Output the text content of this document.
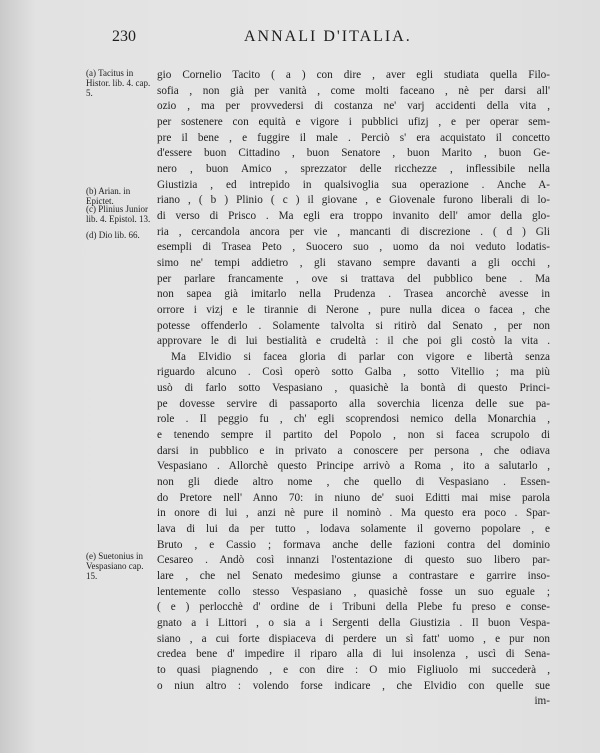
230	ANNALI D'ITALIA.
(a) Tacitus in Histor. lib. 4. cap. 5.
(b) Arian. in Epictet.
(c) Plinius Junior lib. 4. Epistol. 13.
(d) Dio lib. 66.
(e) Suetonius in Vespasiano cap. 15.
gio Cornelio Tacito ( a ) con dire , aver egli studiata quella Filo-
sofia , non già per vanità , come molti faceano , nè per darsi all'
ozio , ma per provvedersi di costanza ne' varj accidenti della vita ,
per sostenere con equità e vigore i pubblici ufizj , e per operar sem-
pre il bene , e fuggire il male . Perciò s' era acquistato il concetto
d'essere buon Cittadino , buon Senatore , buon Marito , buon Ge-
nero , buon Amico , sprezzator delle ricchezze , inflessibile nella
Giustizia , ed intrepido in qualsivoglia sua operazione . Anche A-
riano , ( b ) Plinio ( c ) il giovane , e Giovenale furono liberali di lo-
di verso di Prisco . Ma egli era troppo invanito dell' amor della glo-
ria , cercandola ancora per vie , mancanti di discrezione . ( d ) Gli
esempli di Trasea Peto , Suocero suo , uomo da noi veduto lodatis-
simo ne' tempi addietro , gli stavano sempre davanti a gli occhi ,
per parlare francamente , ove si trattava del pubblico bene . Ma
non sapea già imitarlo nella Prudenza . Trasea ancorchè avesse in
orrore i vizj e le tirannie di Nerone , pure nulla dicea o facea , che
potesse offenderlo . Solamente talvolta si ritirò dal Senato , per non
approvare le di lui bestialità e crudeltà : il che poi gli costò la vita .
Ma Elvidio si facea gloria di parlar con vigore e libertà senza
riguardo alcuno . Così operò sotto Galba , sotto Vitellio ; ma più
usò di farlo sotto Vespasiano , quasichè la bontà di questo Princi-
pe dovesse servire di passaporto alla soverchia licenza delle sue pa-
role . Il peggio fu , ch' egli scoprendosi nemico della Monarchia ,
e tenendo sempre il partito del Popolo , non si facea scrupolo di
darsi in pubblico e in privato a conoscere per persona , che odiava
Vespasiano . Allorchè questo Principe arrivò a Roma , ito a salutarlo ,
non gli diede altro nome , che quello di Vespasiano . Essen-
do Pretore nell' Anno 70: in niuno de' suoi Editti mai mise parola
in onore di lui , anzi nè pure il nominò . Ma questo era poco . Spar-
lava di lui da per tutto , lodava solamente il governo popolare , e
Bruto , e Cassio ; formava anche delle fazioni contra del dominio
Cesareo . Andò così innanzi l'ostentazione di questo suo libero par-
lare , che nel Senato medesimo giunse a contrastare e garrire inso-
lentemente collo stesso Vespasiano , quasichè fosse un suo eguale ;
( e ) perlocchè d' ordine de i Tribuni della Plebe fu preso e conse-
gnato a i Littori , o sia a i Sergenti della Giustizia . Il buon Vespa-
siano , a cui forte dispiaceva di perdere un sì fatt' uomo , e pur non
credea bene d' impedire il riparo alla di lui insolenza , uscì di Sena-
to quasi piagnendo , e con dire : O mio Figliuolo mi succederà ,
o niun altro : volendo forse indicare , che Elvidio con quelle sue
im-
